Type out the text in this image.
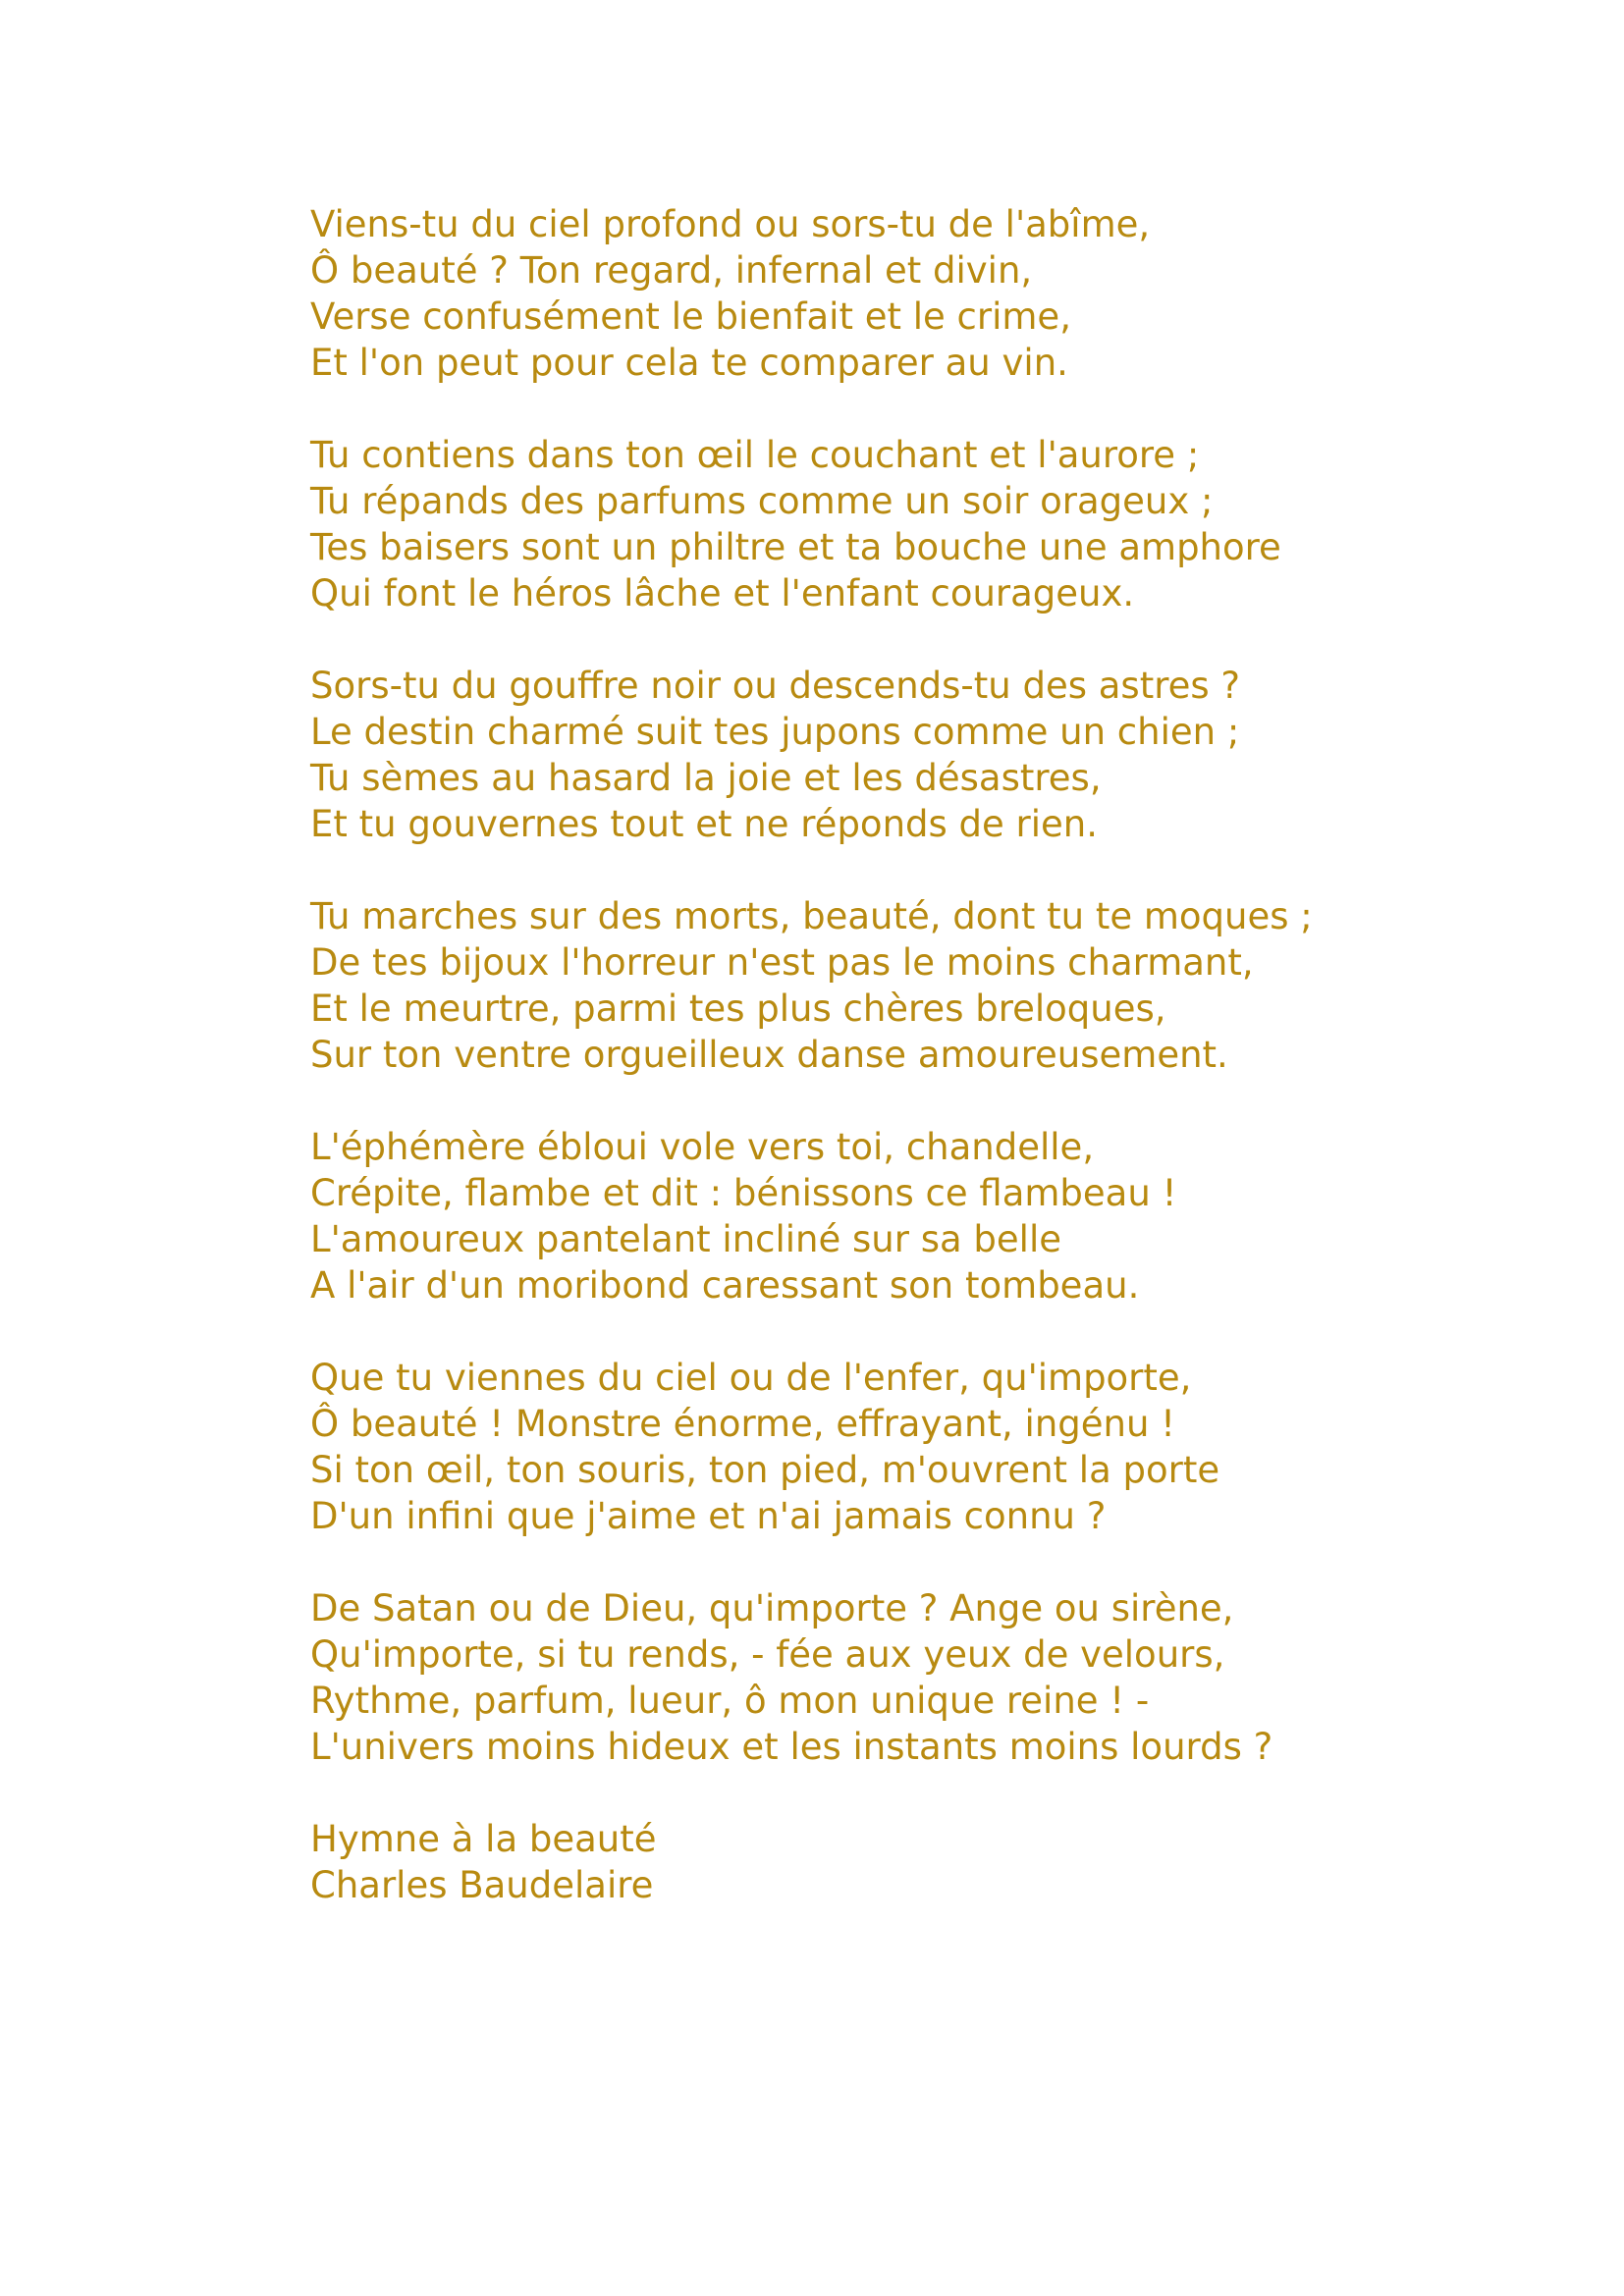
Viens-tu du ciel profond ou sors-tu de l'abîme,
Ô beauté ? Ton regard, infernal et divin,
Verse confusément le bienfait et le crime,
Et l'on peut pour cela te comparer au vin.
Tu contiens dans ton œil le couchant et l'aurore ;
Tu répands des parfums comme un soir orageux ;
Tes baisers sont un philtre et ta bouche une amphore
Qui font le héros lâche et l'enfant courageux.
Sors-tu du gouffre noir ou descends-tu des astres ?
Le destin charmé suit tes jupons comme un chien ;
Tu sèmes au hasard la joie et les désastres,
Et tu gouvernes tout et ne réponds de rien.
Tu marches sur des morts, beauté, dont tu te moques ;
De tes bijoux l'horreur n'est pas le moins charmant,
Et le meurtre, parmi tes plus chères breloques,
Sur ton ventre orgueilleux danse amoureusement.
L'éphémère ébloui vole vers toi, chandelle,
Crépite, flambe et dit : bénissons ce flambeau !
L'amoureux pantelant incliné sur sa belle
A l'air d'un moribond caressant son tombeau.
Que tu viennes du ciel ou de l'enfer, qu'importe,
Ô beauté ! Monstre énorme, effrayant, ingénu !
Si ton œil, ton souris, ton pied, m'ouvrent la porte
D'un infini que j'aime et n'ai jamais connu ?
De Satan ou de Dieu, qu'importe ? Ange ou sirène,
Qu'importe, si tu rends, - fée aux yeux de velours,
Rythme, parfum, lueur, ô mon unique reine ! -
L'univers moins hideux et les instants moins lourds ?
Hymne à la beauté
Charles Baudelaire
